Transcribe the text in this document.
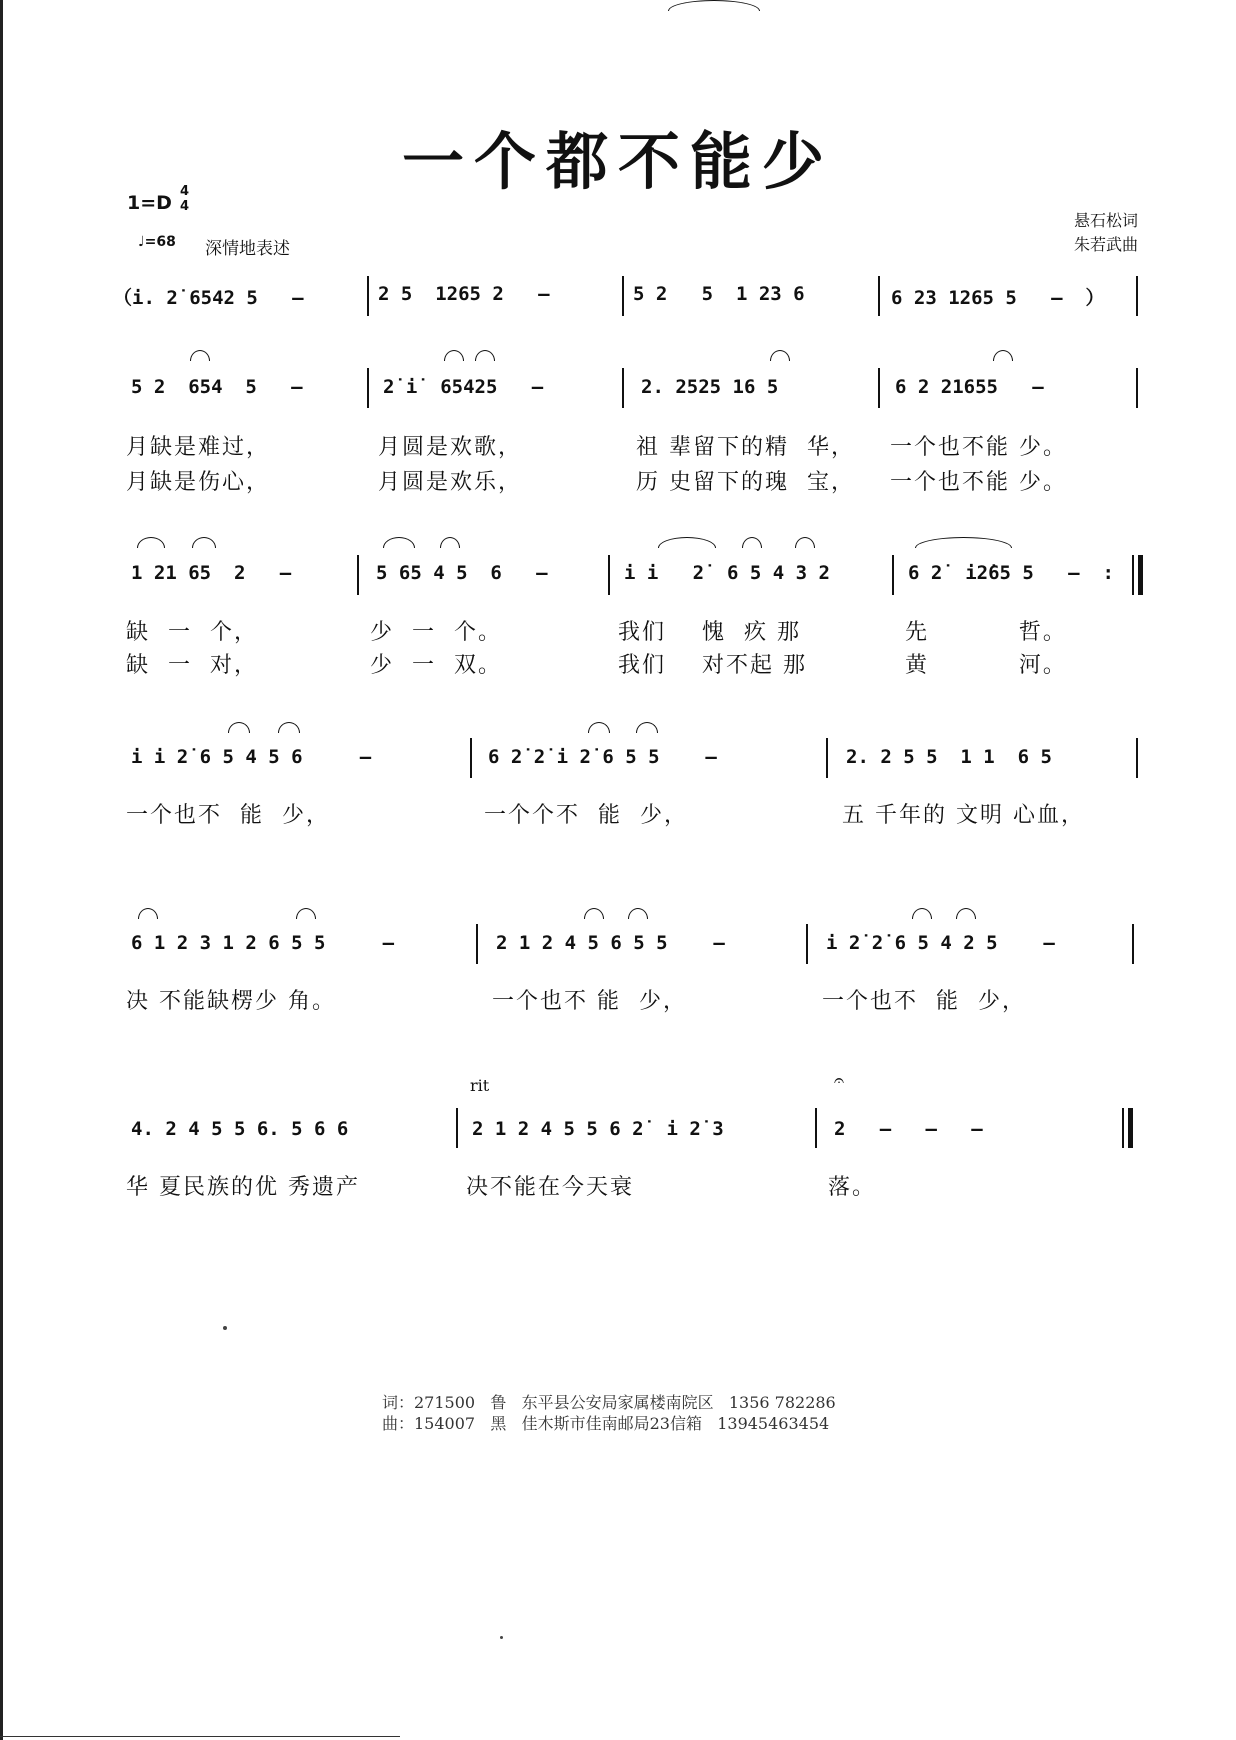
一个都不能少
1=D
4
4
♩=68 深情地表述
悬石松词
朱若武曲
（i. 2̇ 6542 5   –	2 5  1265 2   –	5 2   5  1 23 6	6 23 1265 5   –  ）
5 2  654  5   –	2̇ i̇  65425   –	2. 2525 16 5	6 2 21655   –
月缺是难过，	月圆是欢歌，	祖 辈留下的精  华， 一个也不能 少。
月缺是伤心，	月圆是欢乐，	历 史留下的瑰  宝， 一个也不能 少。
1 21 65  2   –	5 65 4 5  6   –	i i   2̇  6 5 4 3 2	6 2̇  i2̇65 5   –  :
缺  一  个，	少  一  个。	我们    愧  疚 那	先          哲。
缺  一  对，	少  一  双。	我们    对不起 那	黄          河。
i i 2̇ 6 5 4 5 6     –	6 2̇ 2̇ i 2̇ 6 5 5    –	2. 2 5 5  1 1  6 5
一个也不  能  少，	一个个不  能  少，	五 千年的 文明 心血，
6 1 2 3 1 2 6 5 5     –	2 1 2 4 5 6 5 5    –	i 2̇ 2̇ 6 5 4 2 5    –
决 不能缺楞少 角。	一个也不 能  少，	一个也不  能  少，
rit	𝄐
4. 2 4 5 5 6. 5 6 6	2 1 2 4 5 5 6 2̇  i 2̇ 3	2   –   –   –
华 夏民族的优 秀遗产	决不能在今天衰	落。
词：271500   鲁   东平县公安局家属楼南院区   1356 782286
曲：154007   黑   佳木斯市佳南邮局23信箱   13945463454
